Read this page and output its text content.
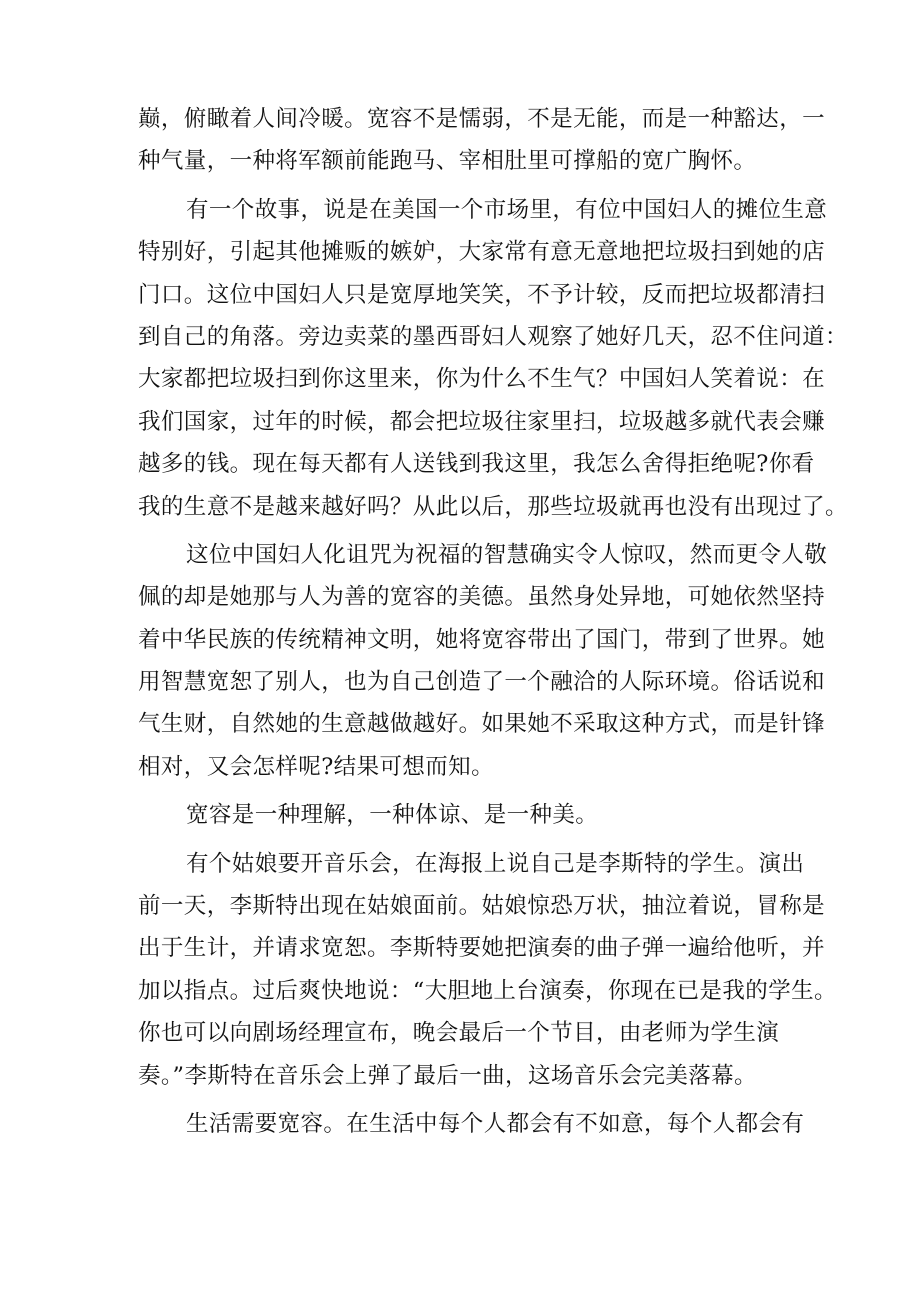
巅，俯瞰着人间冷暖。宽容不是懦弱，不是无能，而是一种豁达，一
种气量，一种将军额前能跑马、宰相肚里可撑船的宽广胸怀。
有一个故事，说是在美国一个市场里，有位中国妇人的摊位生意
特别好，引起其他摊贩的嫉妒，大家常有意无意地把垃圾扫到她的店
门口。这位中国妇人只是宽厚地笑笑，不予计较，反而把垃圾都清扫
到自己的角落。旁边卖菜的墨西哥妇人观察了她好几天，忍不住问道：
大家都把垃圾扫到你这里来，你为什么不生气？中国妇人笑着说：在
我们国家，过年的时候，都会把垃圾往家里扫，垃圾越多就代表会赚
越多的钱。现在每天都有人送钱到我这里，我怎么舍得拒绝呢?你看
我的生意不是越来越好吗？从此以后，那些垃圾就再也没有出现过了。
这位中国妇人化诅咒为祝福的智慧确实令人惊叹，然而更令人敬
佩的却是她那与人为善的宽容的美德。虽然身处异地，可她依然坚持
着中华民族的传统精神文明，她将宽容带出了国门，带到了世界。她
用智慧宽恕了别人，也为自己创造了一个融洽的人际环境。俗话说和
气生财，自然她的生意越做越好。如果她不采取这种方式，而是针锋
相对，又会怎样呢?结果可想而知。
宽容是一种理解，一种体谅、是一种美。
有个姑娘要开音乐会，在海报上说自己是李斯特的学生。演出
前一天，李斯特出现在姑娘面前。姑娘惊恐万状，抽泣着说，冒称是
出于生计，并请求宽恕。李斯特要她把演奏的曲子弹一遍给他听，并
加以指点。过后爽快地说：“大胆地上台演奏，你现在已是我的学生。
你也可以向剧场经理宣布，晚会最后一个节目，由老师为学生演
奏。”李斯特在音乐会上弹了最后一曲，这场音乐会完美落幕。
生活需要宽容。在生活中每个人都会有不如意，每个人都会有
